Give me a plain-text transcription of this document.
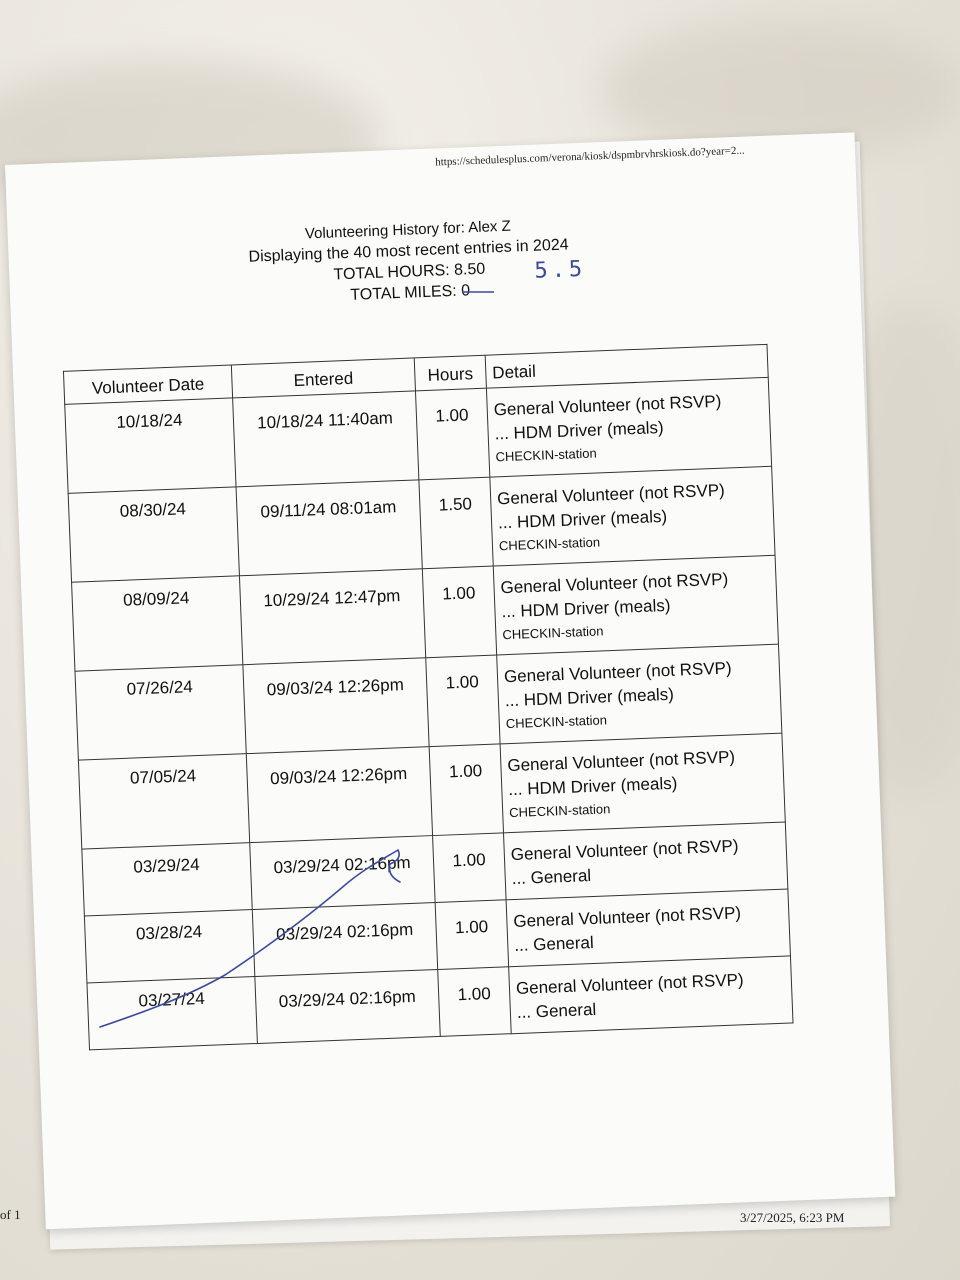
https://schedulesplus.com/verona/kiosk/dspmbrvhrskiosk.do?year=2...
Volunteering History for: Alex Z
Displaying the 40 most recent entries in 2024
TOTAL HOURS: 8.50
TOTAL MILES: 0
5.5
Volunteer Date	Entered	Hours	Detail
10/18/24	10/18/24 11:40am	1.00	General Volunteer (not RSVP)
... HDM Driver (meals)
CHECKIN-station

08/30/24	09/11/24 08:01am	1.50	General Volunteer (not RSVP)
... HDM Driver (meals)
CHECKIN-station

08/09/24	10/29/24 12:47pm	1.00	General Volunteer (not RSVP)
... HDM Driver (meals)
CHECKIN-station

07/26/24	09/03/24 12:26pm	1.00	General Volunteer (not RSVP)
... HDM Driver (meals)
CHECKIN-station

07/05/24	09/03/24 12:26pm	1.00	General Volunteer (not RSVP)
... HDM Driver (meals)
CHECKIN-station

03/29/24	03/29/24 02:16pm	1.00	General Volunteer (not RSVP)
... General
03/28/24	03/29/24 02:16pm	1.00	General Volunteer (not RSVP)
... General
03/27/24	03/29/24 02:16pm	1.00	General Volunteer (not RSVP)
... General
of 1	3/27/2025, 6:23 PM
